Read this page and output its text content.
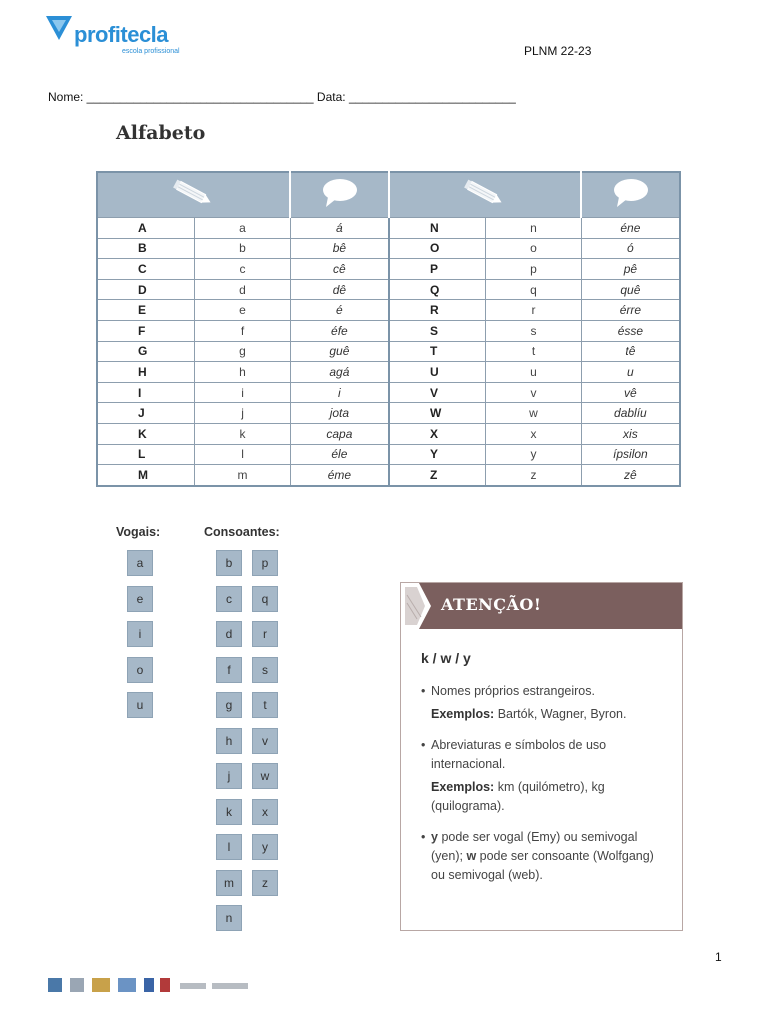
profitecla
escola profissional	PLNM 22-23
Nome: __________________________________ Data: _________________________
Alfabeto

A	a	á	N	n	éne
B	b	bê	O	o	ó
C	c	cê	P	p	pê
D	d	dê	Q	q	quê
E	e	é	R	r	érre
F	f	éfe	S	s	ésse
G	g	guê	T	t	tê
H	h	agá	U	u	u
I	i	i	V	v	vê
J	j	jota	W	w	dablíu
K	k	capa	X	x	xis
L	l	éle	Y	y	ípsilon
M	m	éme	Z	z	zê
Vogais:
a
e
i
o
u
Consoantes:
b
c
d
f
g
h
j
k
l
m
n
p
q
r
s
t
v
w
x
y
z
ATENÇÃO!
k / w / y
• Nomes próprios estrangeiros.
Exemplos: Bartók, Wagner, Byron.
• Abreviaturas e símbolos de uso internacional.
Exemplos: km (quilómetro), kg (quilograma).
• y pode ser vogal (Emy) ou semivogal (yen); w pode ser consoante (Wolfgang) ou semivogal (web).
1
